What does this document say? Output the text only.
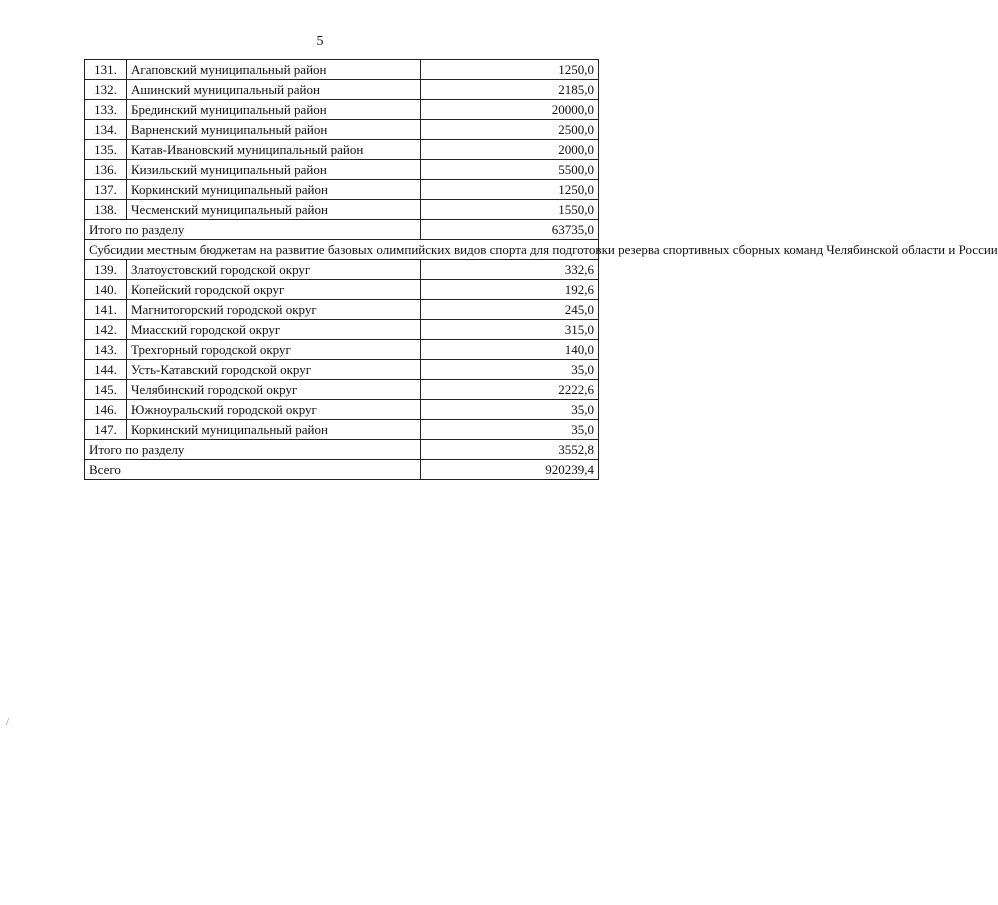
5
131.	Агаповский муниципальный район	1250,0
132.	Ашинский муниципальный район	2185,0
133.	Брединский муниципальный район	20000,0
134.	Варненский муниципальный район	2500,0
135.	Катав-Ивановский муниципальный район	2000,0
136.	Кизильский муниципальный район	5500,0
137.	Коркинский муниципальный район	1250,0
138.	Чесменский муниципальный район	1550,0
Итого по разделу		63735,0
Субсидии местным бюджетам на развитие базовых олимпийских видов спорта для подготовки резерва спортивных сборных команд Челябинской области и России		
139.	Златоустовский городской округ	332,6
140.	Копейский городской округ	192,6
141.	Магнитогорский городской округ	245,0
142.	Миасский городской округ	315,0
143.	Трехгорный городской округ	140,0
144.	Усть-Катавский городской округ	35,0
145.	Челябинский городской округ	2222,6
146.	Южноуральский городской округ	35,0
147.	Коркинский муниципальный район	35,0
Итого по разделу		3552,8
Всего		920239,4
/
